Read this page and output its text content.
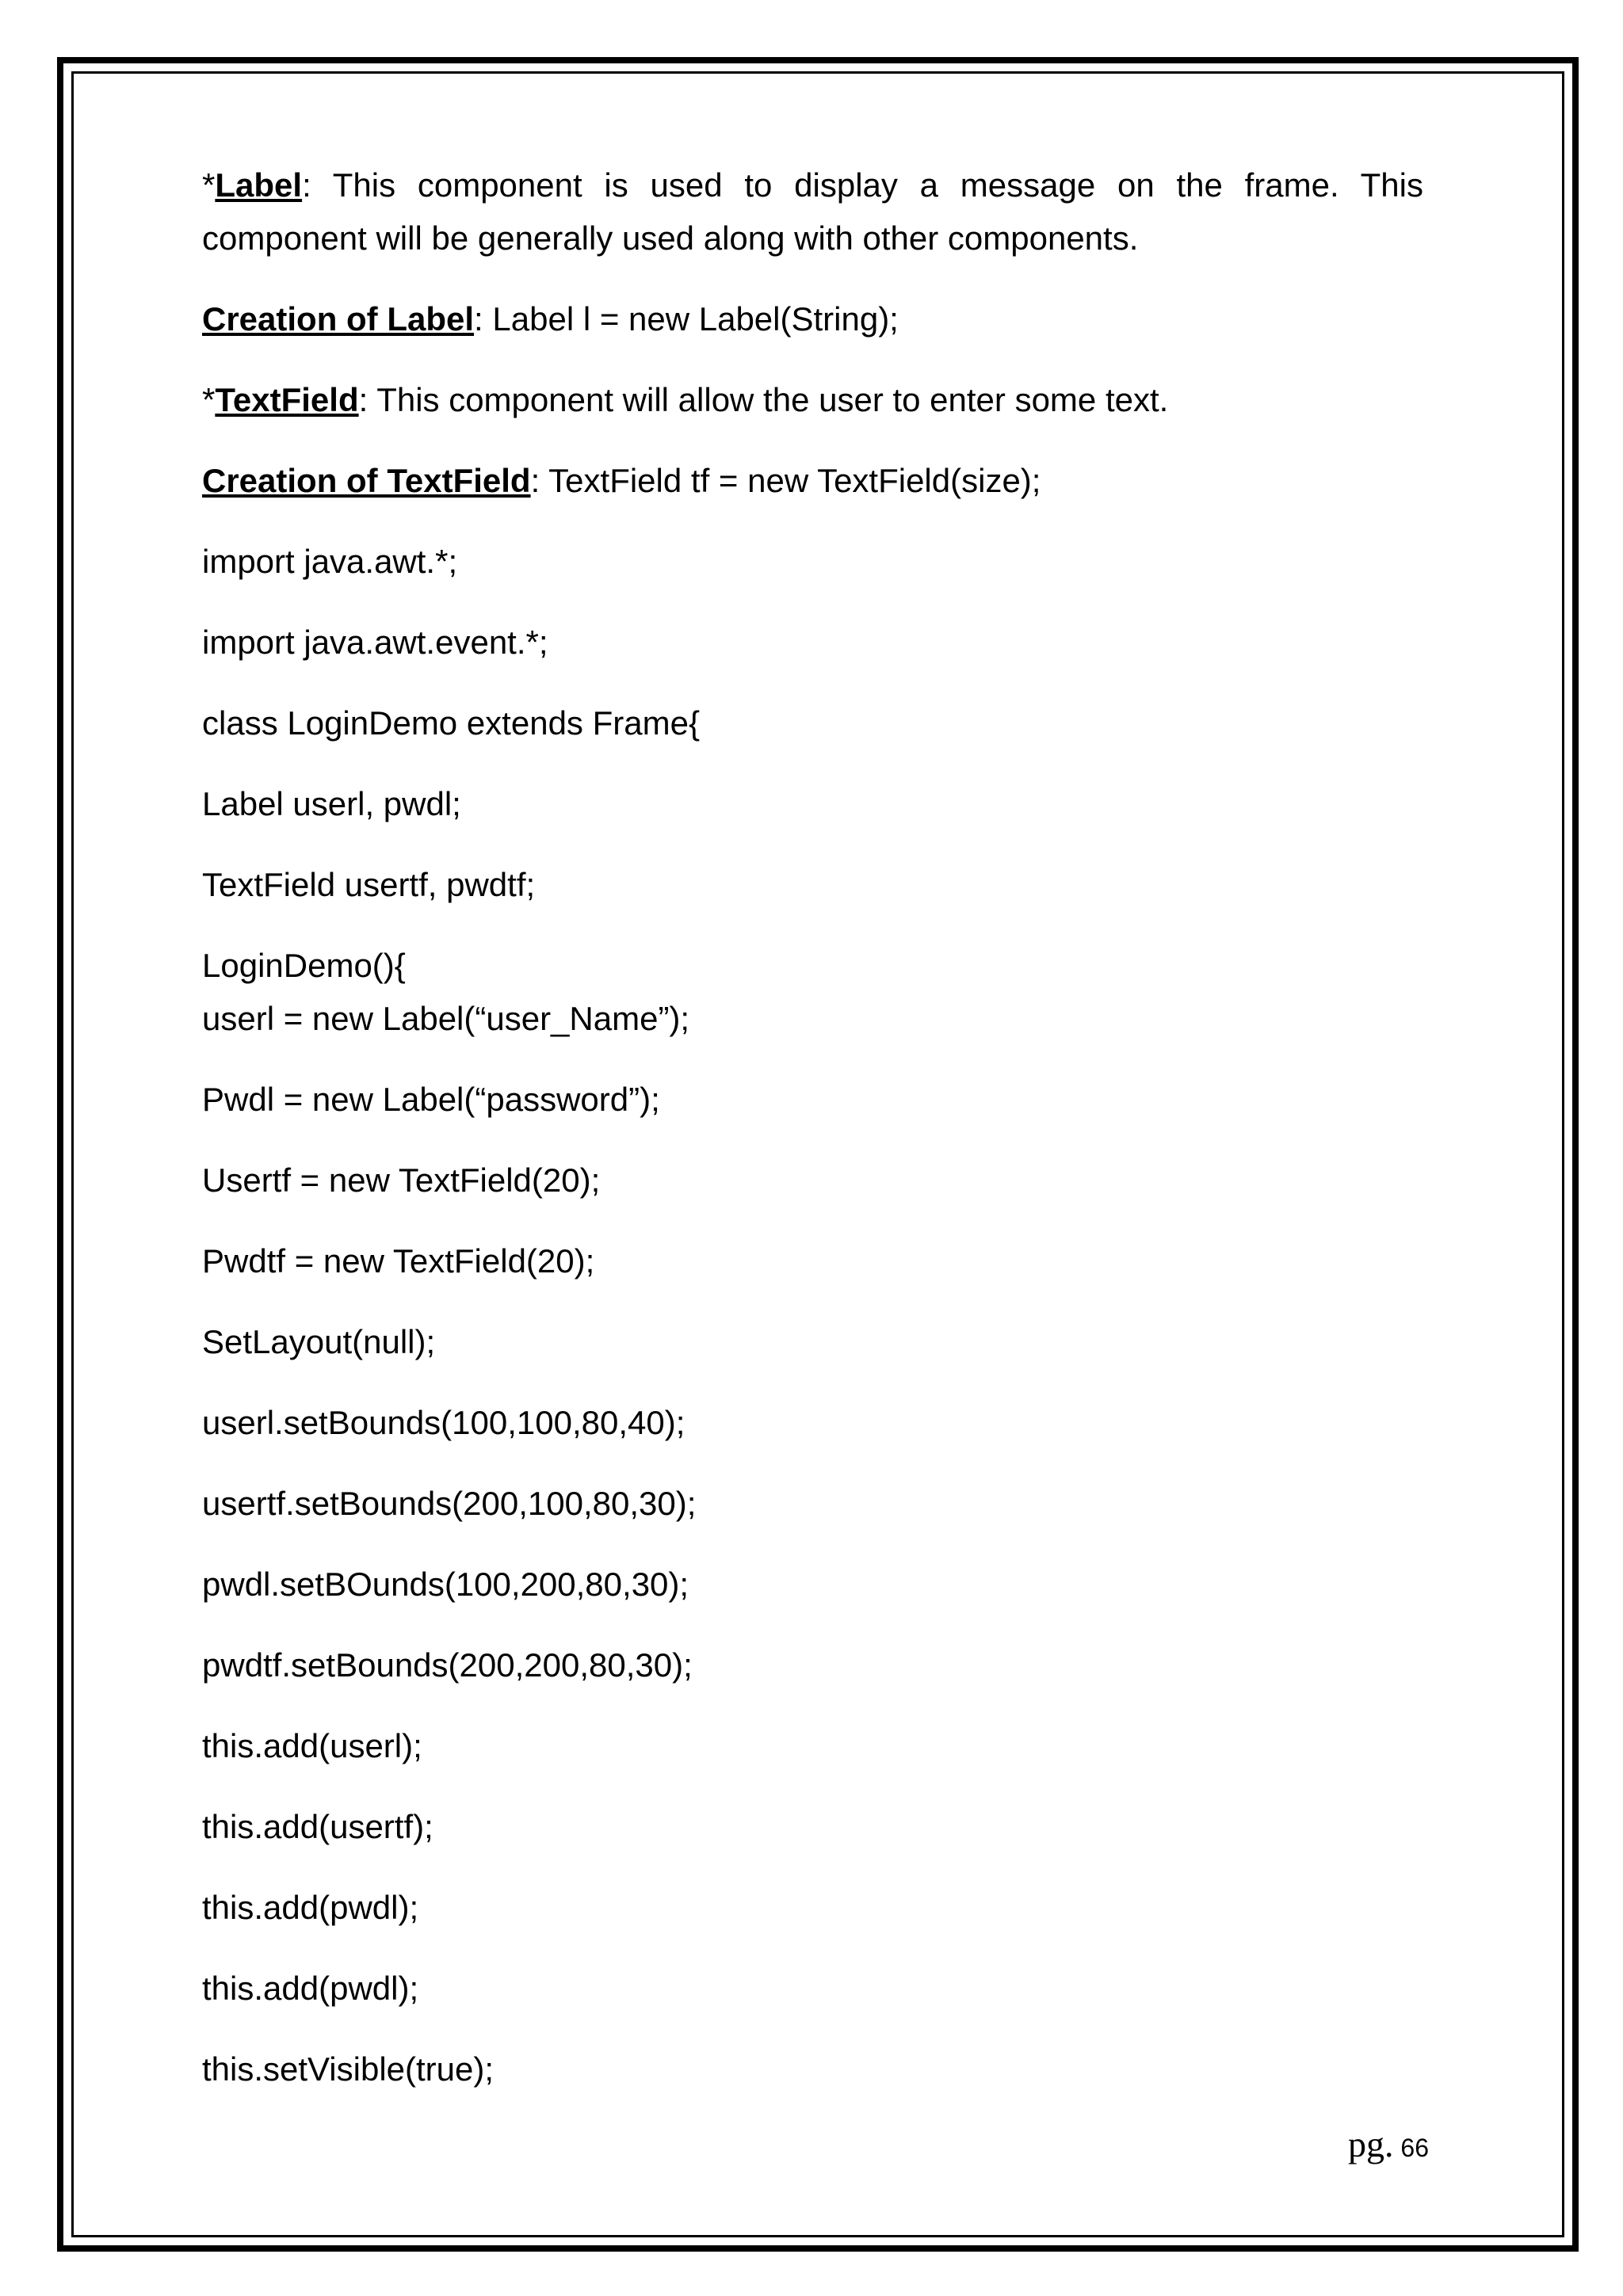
*Label: This component is used to display a message on the frame. This component will be generally used along with other components.

Creation of Label: Label l = new Label(String);

*TextField: This component will allow the user to enter some text.

Creation of TextField: TextField tf = new TextField(size);

import java.awt.*;

import java.awt.event.*;

class LoginDemo extends Frame{

Label userl, pwdl;

TextField usertf, pwdtf;

LoginDemo(){

userl = new Label(“user_Name”);

Pwdl = new Label(“password”);

Usertf = new TextField(20);

Pwdtf = new TextField(20);

SetLayout(null);

userl.setBounds(100,100,80,40);

usertf.setBounds(200,100,80,30);

pwdl.setBOunds(100,200,80,30);

pwdtf.setBounds(200,200,80,30);

this.add(userl);

this.add(usertf);

this.add(pwdl);

this.add(pwdl);

this.setVisible(true);

pg. 66
